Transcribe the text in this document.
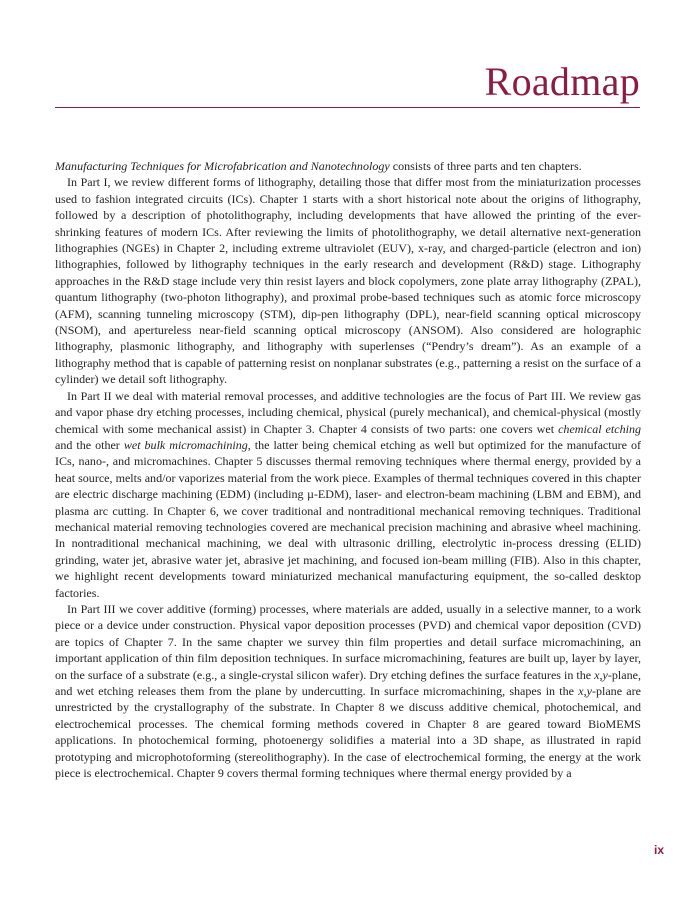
Roadmap

Manufacturing Techniques for Microfabrication and Nanotechnology consists of three parts and ten chapters.

In Part I, we review different forms of lithography, detailing those that differ most from the miniaturization processes used to fashion integrated circuits (ICs). Chapter 1 starts with a short historical note about the origins of lithography, followed by a description of photolithography, including developments that have allowed the printing of the ever-shrinking features of modern ICs. After reviewing the limits of photolithography, we detail alternative next-generation lithographies (NGEs) in Chapter 2, including extreme ultraviolet (EUV), x-ray, and charged-particle (electron and ion) lithographies, followed by lithography techniques in the early research and development (R&D) stage. Lithography approaches in the R&D stage include very thin resist layers and block copolymers, zone plate array lithography (ZPAL), quantum lithography (two-photon lithography), and proximal probe-based techniques such as atomic force microscopy (AFM), scanning tunneling microscopy (STM), dip-pen lithography (DPL), near-field scanning optical microscopy (NSOM), and apertureless near-field scanning optical microscopy (ANSOM). Also considered are holographic lithography, plasmonic lithography, and lithography with superlenses (“Pendry’s dream”). As an example of a lithography method that is capable of patterning resist on nonplanar substrates (e.g., patterning a resist on the surface of a cylinder) we detail soft lithography.

In Part II we deal with material removal processes, and additive technologies are the focus of Part III. We review gas and vapor phase dry etching processes, including chemical, physical (purely mechanical), and chemical-physical (mostly chemical with some mechanical assist) in Chapter 3. Chapter 4 consists of two parts: one covers wet chemical etching and the other wet bulk micromachining, the latter being chemical etching as well but optimized for the manufacture of ICs, nano-, and micromachines. Chapter 5 discusses thermal removing techniques where thermal energy, provided by a heat source, melts and/or vaporizes material from the work piece. Examples of thermal techniques covered in this chapter are electric discharge machining (EDM) (including µ-EDM), laser- and electron-beam machining (LBM and EBM), and plasma arc cutting. In Chapter 6, we cover traditional and nontraditional mechanical removing techniques. Traditional mechanical material removing technologies covered are mechanical precision machining and abrasive wheel machining. In nontraditional mechanical machining, we deal with ultrasonic drilling, electrolytic in-process dressing (ELID) grinding, water jet, abrasive water jet, abrasive jet machining, and focused ion-beam milling (FIB). Also in this chapter, we highlight recent developments toward miniaturized mechanical manufacturing equipment, the so-called desktop factories.

In Part III we cover additive (forming) processes, where materials are added, usually in a selective manner, to a work piece or a device under construction. Physical vapor deposition processes (PVD) and chemical vapor deposition (CVD) are topics of Chapter 7. In the same chapter we survey thin film properties and detail surface micromachining, an important application of thin film deposition techniques. In surface micromachining, features are built up, layer by layer, on the surface of a substrate (e.g., a single-crystal silicon wafer). Dry etching defines the surface features in the x,y-plane, and wet etching releases them from the plane by undercutting. In surface micromachining, shapes in the x,y-plane are unrestricted by the crystallography of the substrate. In Chapter 8 we discuss additive chemical, photochemical, and electrochemical processes. The chemical forming methods covered in Chapter 8 are geared toward BioMEMS applications. In photochemical forming, photoenergy solidifies a material into a 3D shape, as illustrated in rapid prototyping and microphotoforming (stereolithography). In the case of electrochemical forming, the energy at the work piece is electrochemical. Chapter 9 covers thermal forming techniques where thermal energy provided by a

ix
